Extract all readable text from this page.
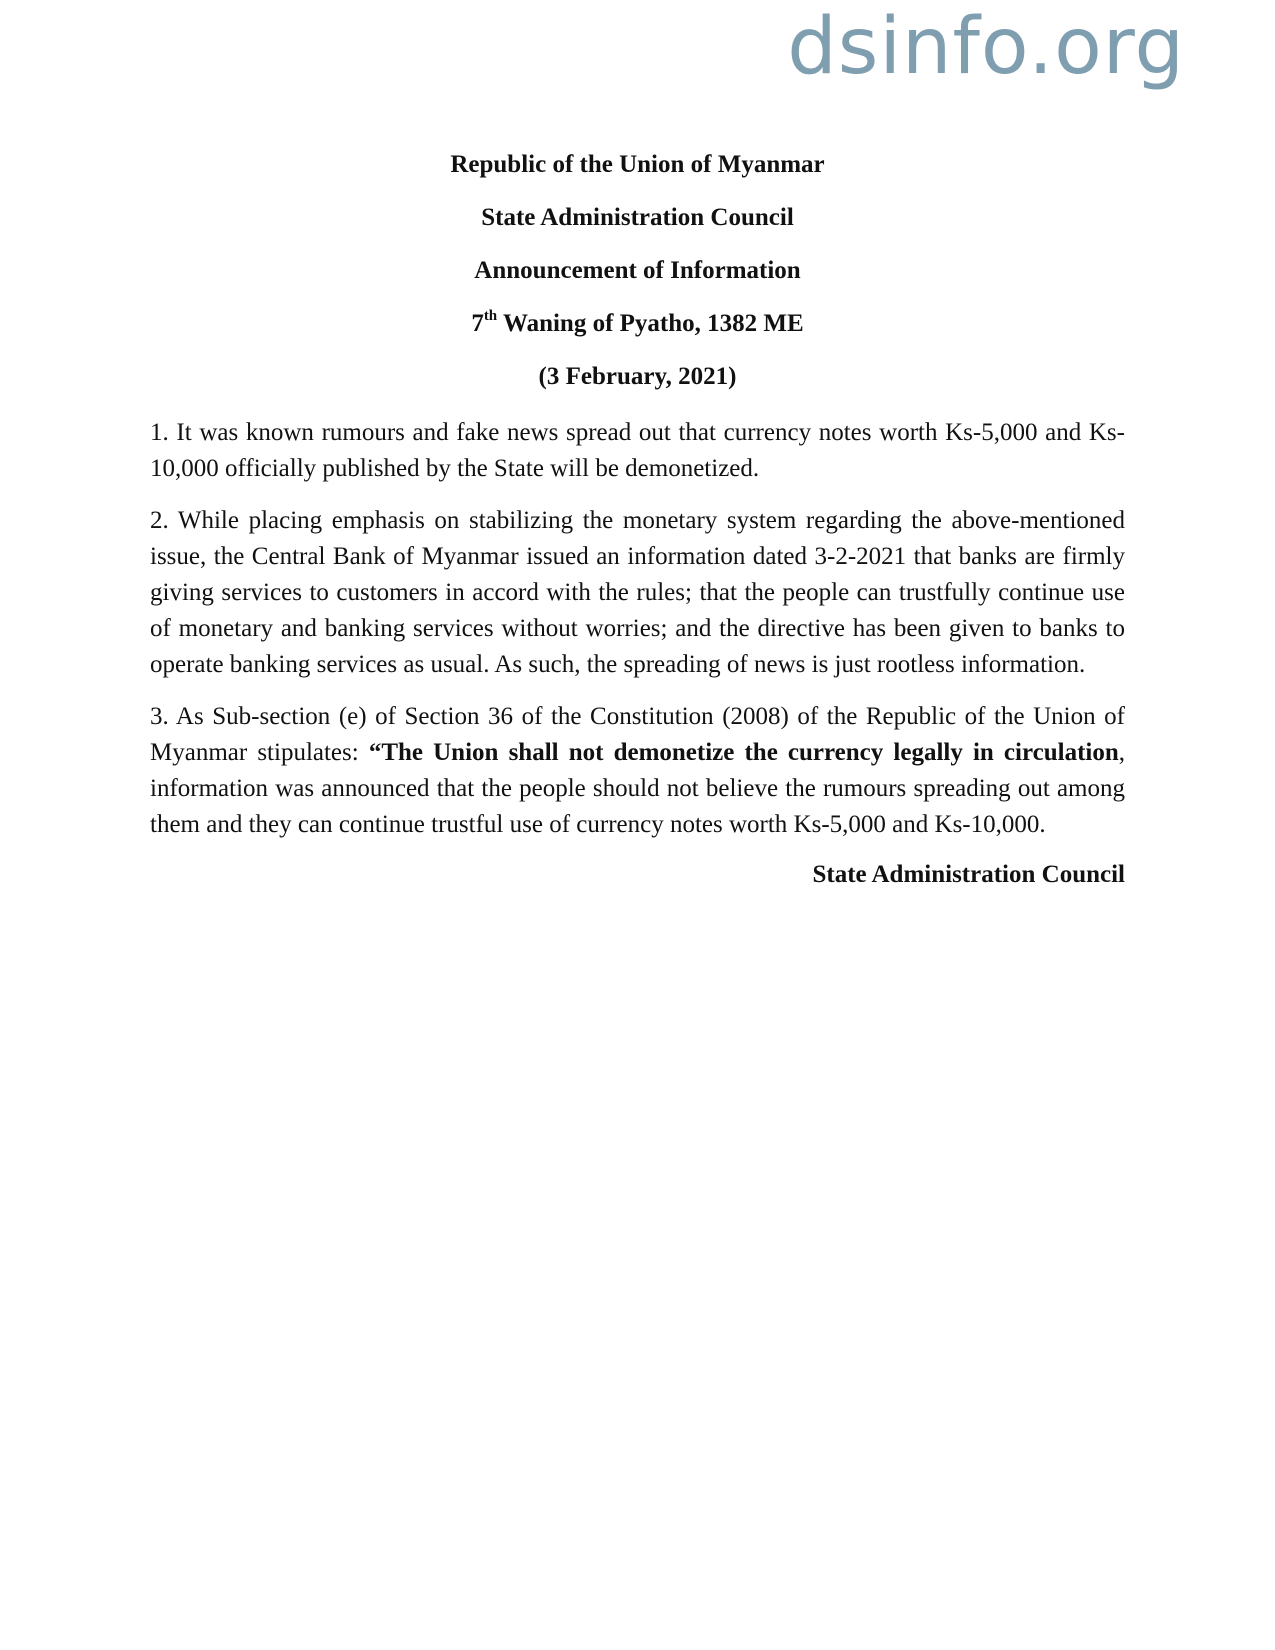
dsinfo.org
Republic of the Union of Myanmar
State Administration Council
Announcement of Information
7th Waning of Pyatho, 1382 ME
(3 February, 2021)

1. It was known rumours and fake news spread out that currency notes worth Ks-5,000 and Ks-10,000 officially published by the State will be demonetized.

2. While placing emphasis on stabilizing the monetary system regarding the above-mentioned issue, the Central Bank of Myanmar issued an information dated 3-2-2021 that banks are firmly giving services to customers in accord with the rules; that the people can trustfully continue use of monetary and banking services without worries; and the directive has been given to banks to operate banking services as usual. As such, the spreading of news is just rootless information.

3. As Sub-section (e) of Section 36 of the Constitution (2008) of the Republic of the Union of Myanmar stipulates: “The Union shall not demonetize the currency legally in circulation, information was announced that the people should not believe the rumours spreading out among them and they can continue trustful use of currency notes worth Ks-5,000 and Ks-10,000.

State Administration Council
